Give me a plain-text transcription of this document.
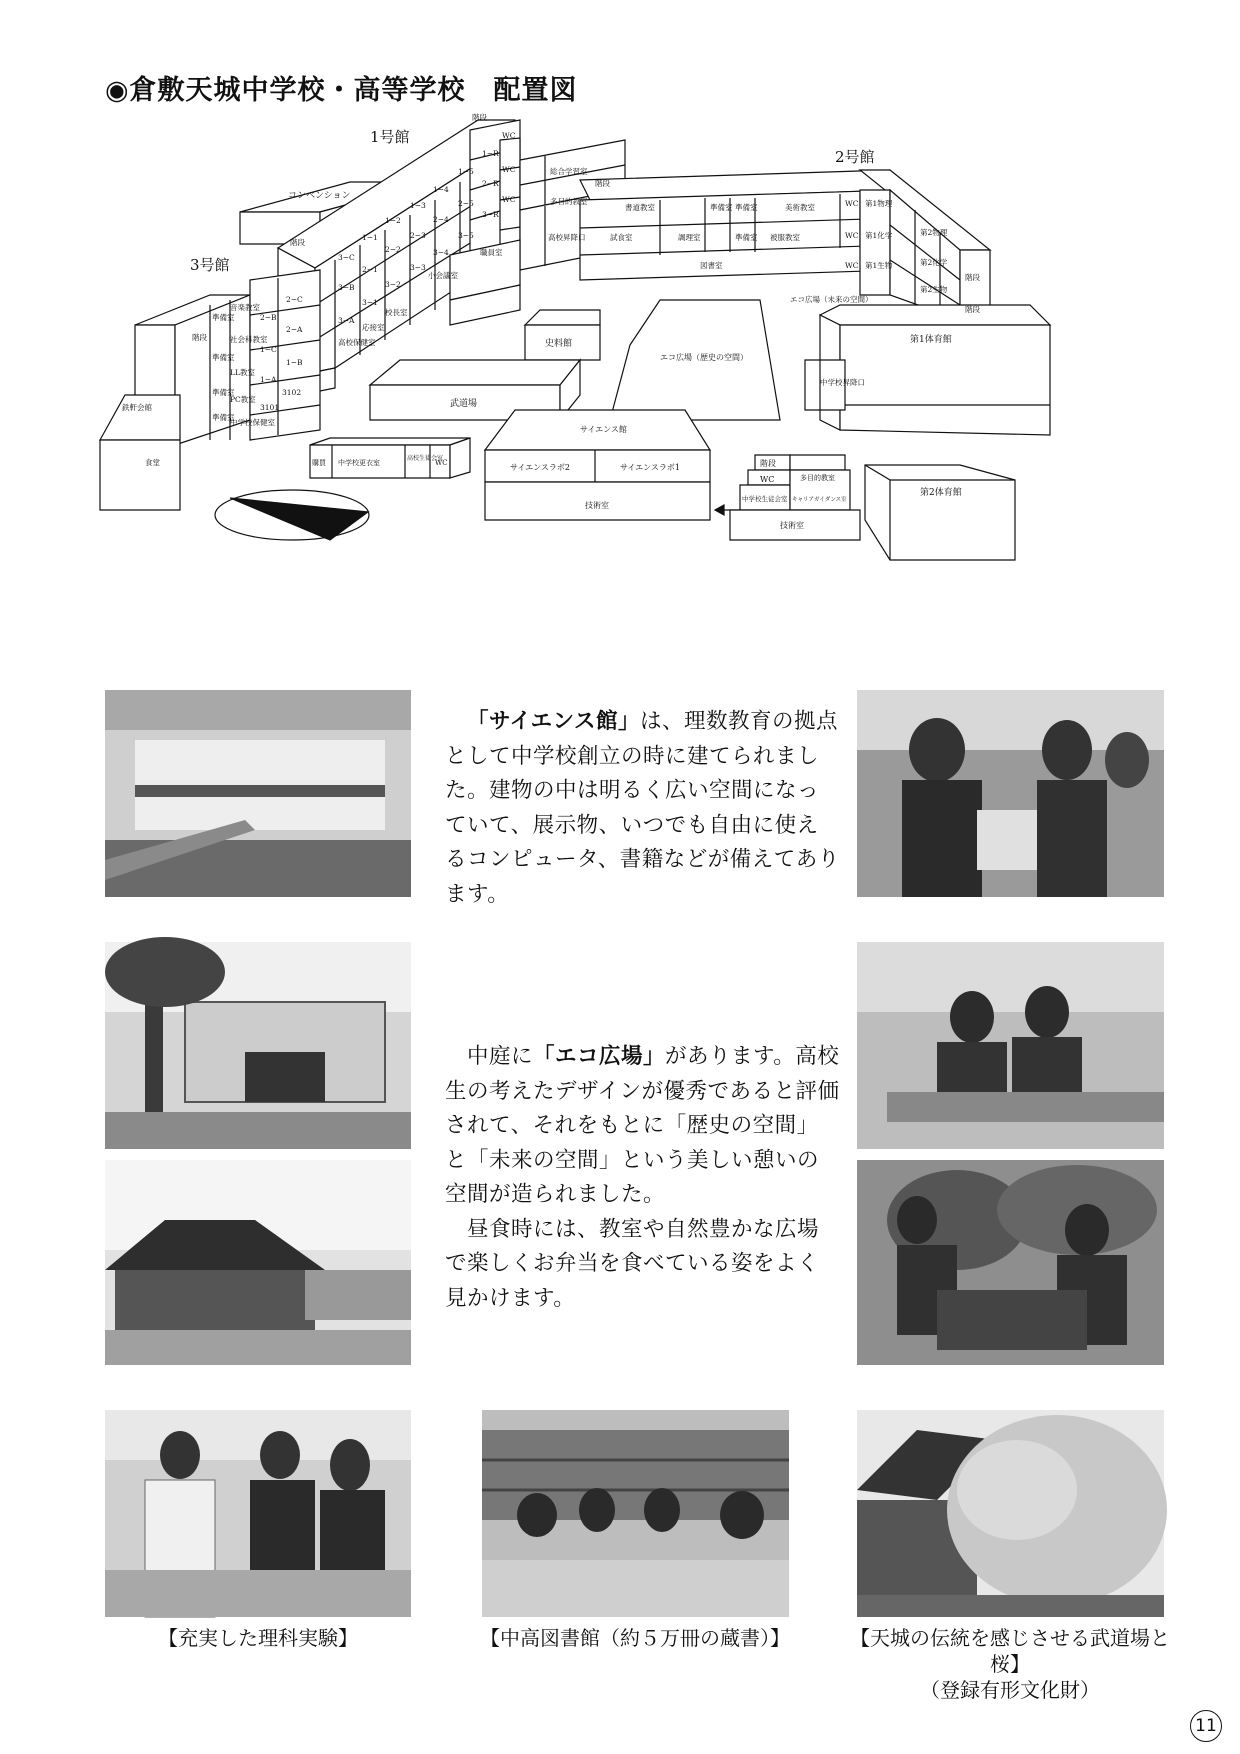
◉倉敷天城中学校・高等学校　配置図
コンベンション
史料館
エコ広場（歴史の空間）
武道場
エコ広場（未来の空間）
第1体育館
サイエンス館
サイエンスラボ2	サイエンスラボ1
技術室
階段
多目的教室
WC
中学校生徒会室 キャリアガイダンス室
技術室
第2体育館
購買 中学校更衣室
高校生徒会室
WC
鉄軒会館
食堂
1号館
2号館
3号館
階段
WC
WC
WC
1−R
2−R
3−R
1−5
1−4
1−3
1−2
1−1
2−5
2−4
2−3
2−2
2−1
3−5
3−4
3−3
3−2
3−1
3−C
3−B
3−A
階段
総合学習室
多目的教室
高校昇降口
職員室
小会議室
校長室
応接室
高校保健室
階段
書道教室	準備室 準備室	美術教室
試食室	調理室	準備室 被服教室
図書室
WC
WC
WC
第1物理
第1化学
第1生物
第2物理
第2化学
第2生物
階段
階段
中学校昇降口
音楽教室
社会科教室
LL教室
PC教室
中学校保健室
準備室
準備室
準備室
準備室
階段
2−C
2−B
2−A
1−C
1−B
1−A
3102
3101
「サイエンス館」は、理数教育の拠点として中学校創立の時に建てられました。建物の中は明るく広い空間になっていて、展示物、いつでも自由に使えるコンピュータ、書籍などが備えてあります。
中庭に「エコ広場」があります。高校生の考えたデザインが優秀であると評価されて、それをもとに「歴史の空間」と「未来の空間」という美しい憩いの空間が造られました。
昼食時には、教室や自然豊かな広場で楽しくお弁当を食べている姿をよく見かけます。
【充実した理科実験】	【中高図書館（約５万冊の蔵書）】	【天城の伝統を感じさせる武道場と桜】
（登録有形文化財）
11
